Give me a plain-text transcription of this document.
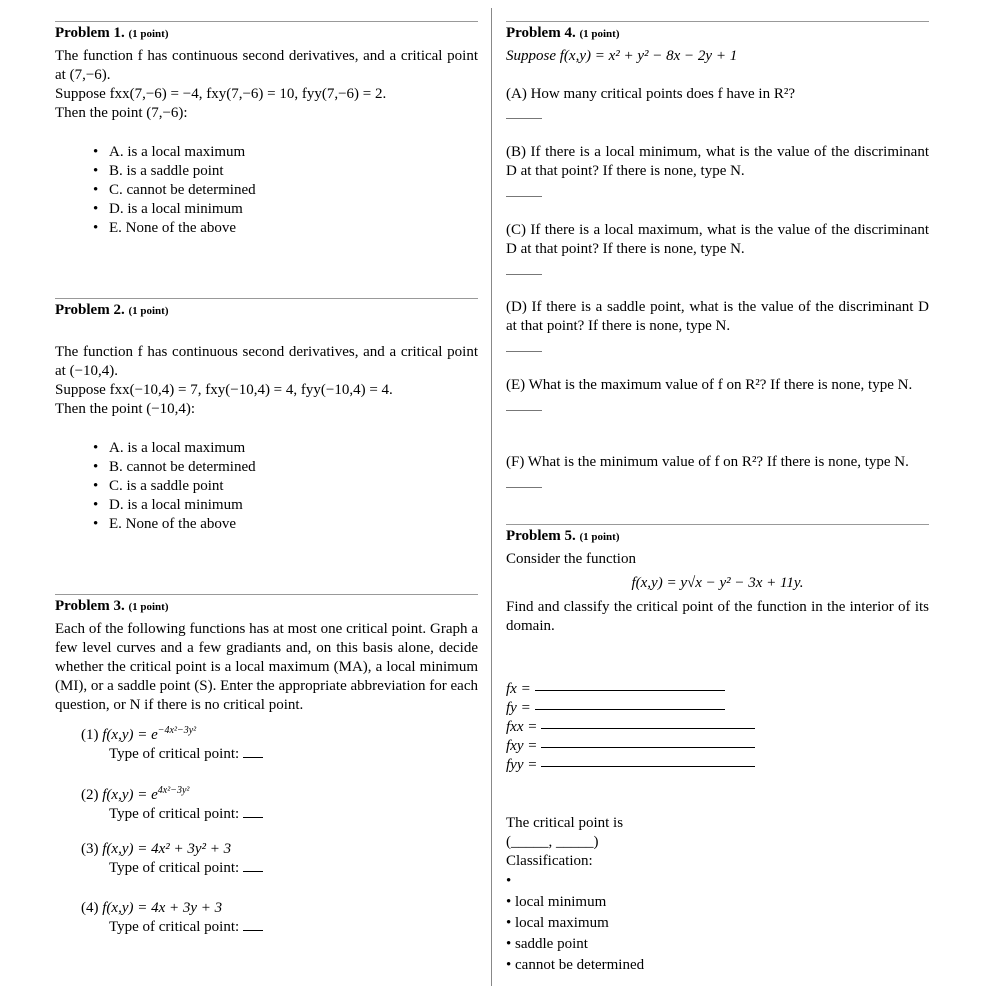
Problem 1. (1 point)

The function f has continuous second derivatives, and a critical point at (7,−6).

Suppose fxx(7,−6) = −4, fxy(7,−6) = 10, fyy(7,−6) = 2.

Then the point (7,−6):

• A. is a local maximum
• B. is a saddle point
• C. cannot be determined
• D. is a local minimum
• E. None of the above
Problem 2. (1 point)

The function f has continuous second derivatives, and a critical point at (−10,4).

Suppose fxx(−10,4) = 7, fxy(−10,4) = 4, fyy(−10,4) = 4.

Then the point (−10,4):

• A. is a local maximum
• B. cannot be determined
• C. is a saddle point
• D. is a local minimum
• E. None of the above
Problem 3. (1 point)

Each of the following functions has at most one critical point. Graph a few level curves and a few gradiants and, on this basis alone, decide whether the critical point is a local maximum (MA), a local minimum (MI), or a saddle point (S). Enter the appropriate abbreviation for each question, or N if there is no critical point.

(1) $f(x,y) = e^{-4x^2-3y^2}$
Type of critical point:
(2) $f(x,y) = e^{4x^2-3y^2}$
Type of critical point:
(3) f(x,y) = 4x² + 3y² + 3
Type of critical point:
(4) f(x,y) = 4x + 3y + 3
Type of critical point:
Problem 4. (1 point)

Suppose f(x,y) = x² + y² − 8x − 2y + 1

(A) How many critical points does f have in R²?

(B) If there is a local minimum, what is the value of the discriminant D at that point? If there is none, type N.

(C) If there is a local maximum, what is the value of the discriminant D at that point? If there is none, type N.

(D) If there is a saddle point, what is the value of the discriminant D at that point? If there is none, type N.

(E) What is the maximum value of f on R²? If there is none, type N.

(F) What is the minimum value of f on R²? If there is none, type N.

Problem 5. (1 point)

Consider the function

f(x,y) = y√x − y² − 3x + 11y.

Find and classify the critical point of the function in the interior of its domain.

fx =
fy =
fxx =
fxy =
fyy =

The critical point is

(_____, _____)

Classification:

•
• local minimum
• local maximum
• saddle point
• cannot be determined
